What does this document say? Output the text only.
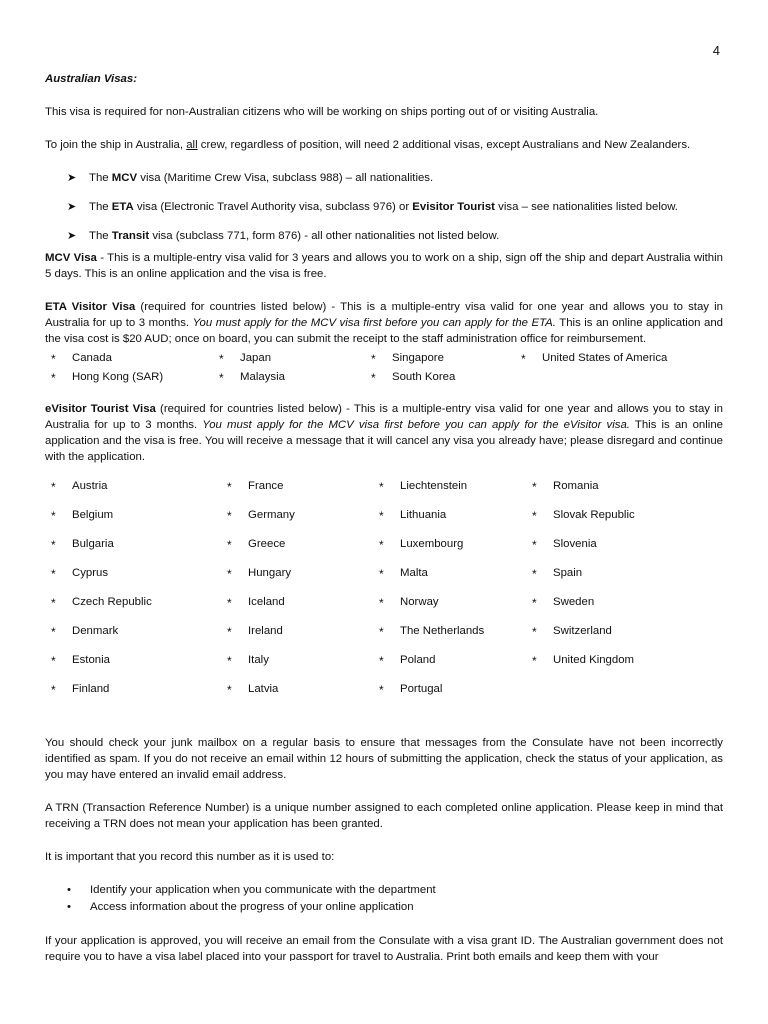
4

Australian Visas:

This visa is required for non-Australian citizens who will be working on ships porting out of or visiting Australia.

To join the ship in Australia, all crew, regardless of position, will need 2 additional visas, except Australians and New Zealanders.

➤ The MCV visa (Maritime Crew Visa, subclass 988) – all nationalities.
➤ The ETA visa (Electronic Travel Authority visa, subclass 976) or Evisitor Tourist visa – see nationalities listed below.
➤ The Transit visa (subclass 771, form 876) - all other nationalities not listed below.

MCV Visa - This is a multiple-entry visa valid for 3 years and allows you to work on a ship, sign off the ship and depart Australia within 5 days. This is an online application and the visa is free.

ETA Visitor Visa (required for countries listed below) - This is a multiple-entry visa valid for one year and allows you to stay in Australia for up to 3 months. You must apply for the MCV visa first before you can apply for the ETA. This is an online application and the visa cost is $20 AUD; once on board, you can submit the receipt to the staff administration office for reimbursement.

* Canada	* Japan	* Singapore	* United States of America
* Hong Kong (SAR)	* Malaysia	* South Korea

eVisitor Tourist Visa (required for countries listed below) - This is a multiple-entry visa valid for one year and allows you to stay in Australia for up to 3 months. You must apply for the MCV visa first before you can apply for the eVisitor visa. This is an online application and the visa is free. You will receive a message that it will cancel any visa you already have; please disregard and continue with the application.

* Austria	* France	* Liechtenstein	* Romania
* Belgium	* Germany	* Lithuania	* Slovak Republic
* Bulgaria	* Greece	* Luxembourg	* Slovenia
* Cyprus	* Hungary	* Malta	* Spain
* Czech Republic	* Iceland	* Norway	* Sweden
* Denmark	* Ireland	* The Netherlands	* Switzerland
* Estonia	* Italy	* Poland	* United Kingdom
* Finland	* Latvia	* Portugal

You should check your junk mailbox on a regular basis to ensure that messages from the Consulate have not been incorrectly identified as spam. If you do not receive an email within 12 hours of submitting the application, check the status of your application, as you may have entered an invalid email address.

A TRN (Transaction Reference Number) is a unique number assigned to each completed online application. Please keep in mind that receiving a TRN does not mean your application has been granted.

It is important that you record this number as it is used to:

• Identify your application when you communicate with the department
• Access information about the progress of your online application

If your application is approved, you will receive an email from the Consulate with a visa grant ID. The Australian government does not require you to have a visa label placed into your passport for travel to Australia. Print both emails and keep them with your
